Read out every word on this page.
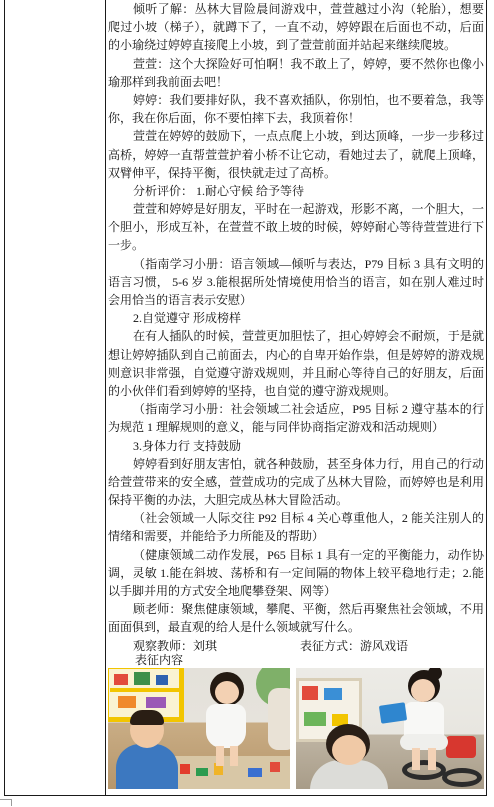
倾听了解：丛林大冒险晨间游戏中，萱萱越过小沟（轮胎），想要
爬过小坡（梯子），就蹲下了，一直不动，婷婷跟在后面也不动，后面
的小瑜绕过婷婷直接爬上小坡，到了萱萱前面并站起来继续爬坡。
萱萱：这个大探险好可怕啊！我不敢上了，婷婷，要不然你也像小
瑜那样到我前面去吧！
婷婷：我们要排好队，我不喜欢插队，你别怕，也不要着急，我等
你，我在你后面，你不要怕摔下去，我顶着你！
萱萱在婷婷的鼓励下，一点点爬上小坡，到达顶峰，一步一步移过
高桥，婷婷一直帮萱萱护着小桥不让它动，看她过去了，就爬上顶峰，
双臂伸平，保持平衡，很快就走过了高桥。
分析评价： 1.耐心守候 给予等待
萱萱和婷婷是好朋友，平时在一起游戏，形影不离，一个胆大，一
个胆小，形成互补，在萱萱不敢上坡的时候，婷婷耐心等待萱萱进行下
一步。
（指南学习小册：语言领域—倾听与表达，P79 目标 3 具有文明的
语言习惯， 5-6 岁 3.能根据所处情境使用恰当的语言，如在别人难过时
会用恰当的语言表示安慰）
2.自觉遵守 形成榜样
在有人插队的时候，萱萱更加胆怯了，担心婷婷会不耐烦，于是就
想让婷婷插队到自己前面去，内心的自卑开始作祟，但是婷婷的游戏规
则意识非常强，自觉遵守游戏规则，并且耐心等待自己的好朋友，后面
的小伙伴们看到婷婷的坚持，也自觉的遵守游戏规则。
（指南学习小册：社会领域二社会适应，P95 目标 2 遵守基本的行
为规范 1 理解规则的意义，能与同伴协商指定游戏和活动规则）
3.身体力行 支持鼓励
婷婷看到好朋友害怕，就各种鼓励，甚至身体力行，用自己的行动
给萱萱带来的安全感，萱萱成功的完成了丛林大冒险，而婷婷也是利用
保持平衡的办法，大胆完成丛林大冒险活动。
（社会领域一人际交往 P92 目标 4 关心尊重他人，2 能关注别人的
情绪和需要，并能给予力所能及的帮助）
（健康领域二动作发展，P65 目标 1 具有一定的平衡能力，动作协
调，灵敏 1.能在斜坡、荡桥和有一定间隔的物体上较平稳地行走；2.能
以手脚并用的方式安全地爬攀登架、网等）
顾老师：聚焦健康领域，攀爬、平衡，然后再聚焦社会领域，不用
面面俱到，最直观的给人是什么领域就写什么。
观察教师：刘琪	表征方式：游风戏语
表征内容
